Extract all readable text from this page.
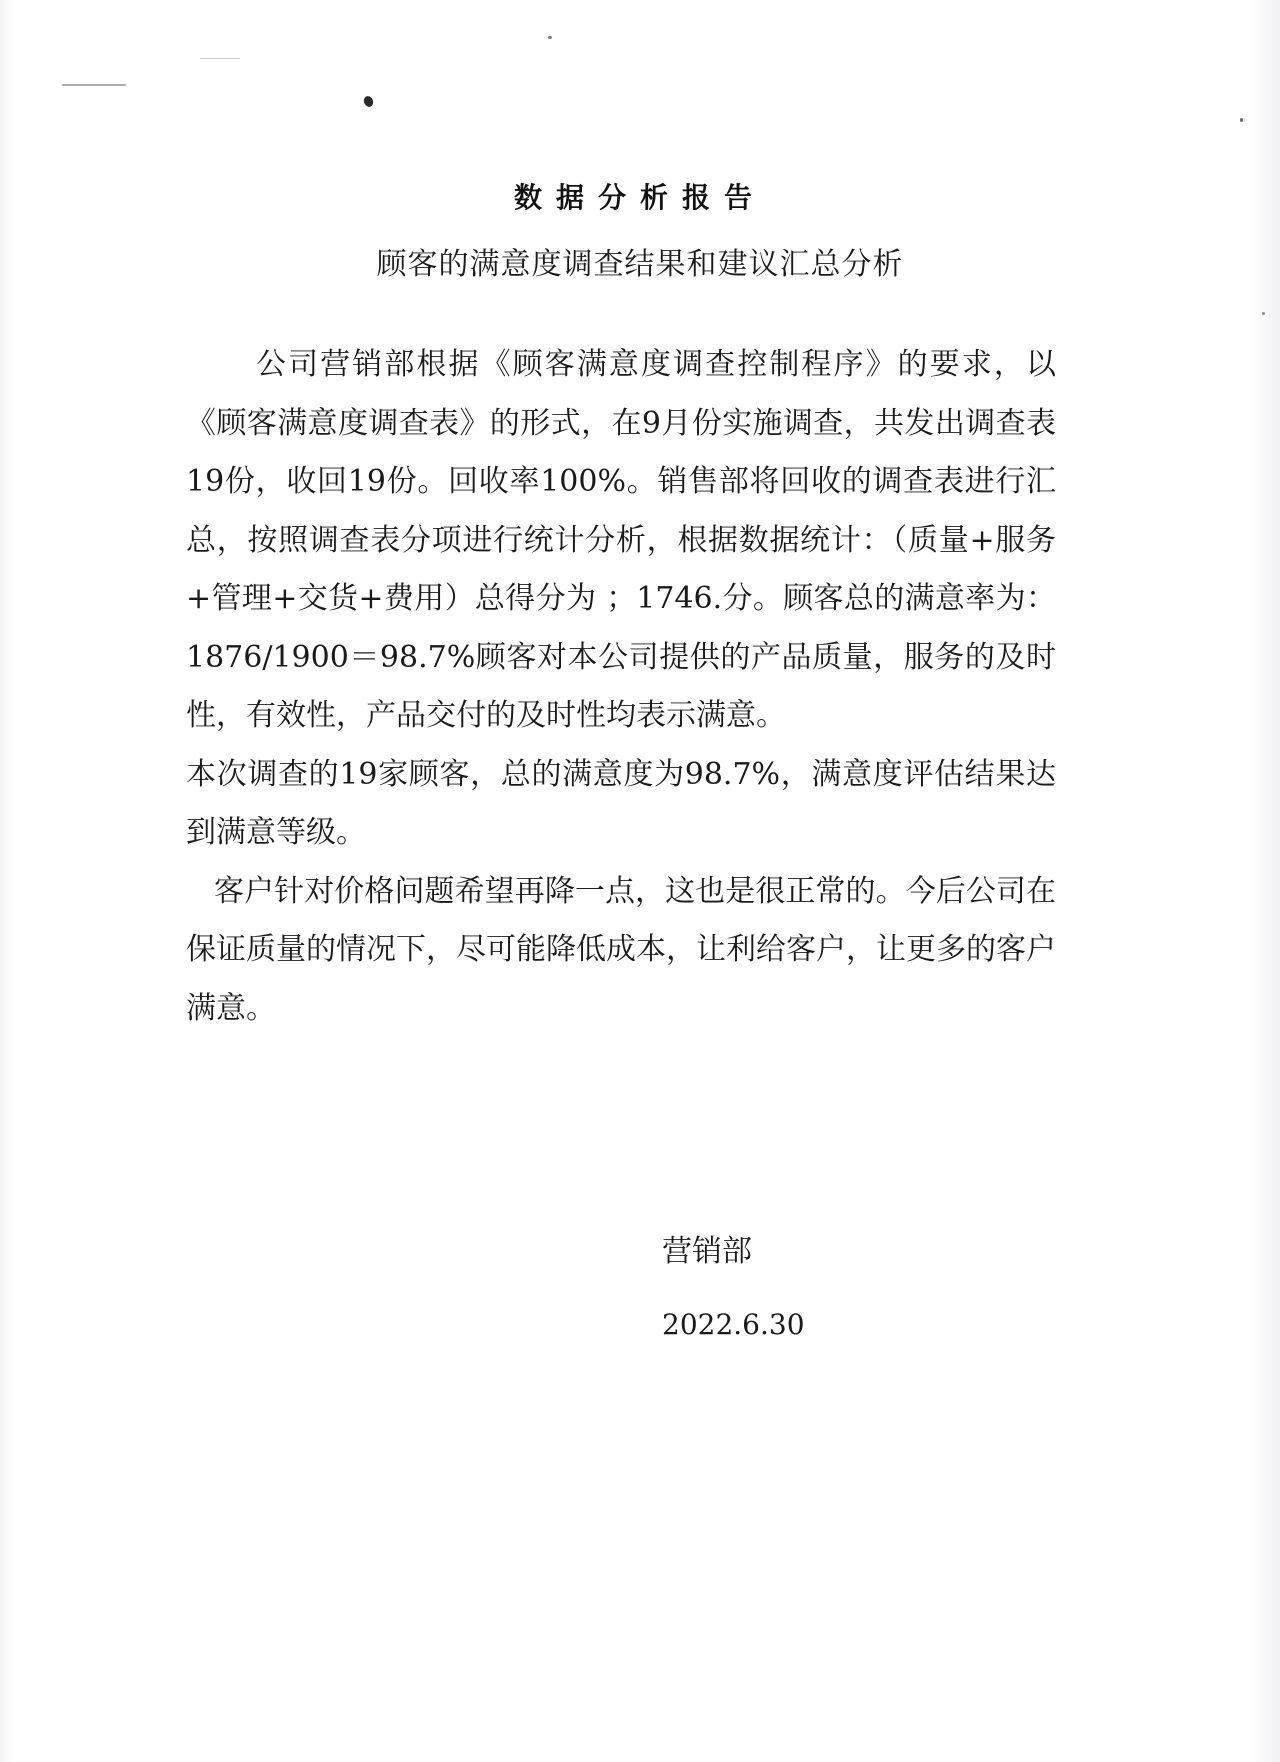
数据分析报告
顾客的满意度调查结果和建议汇总分析

公司营销部根据《顾客满意度调查控制程序》的要求，以《顾客满意度调查表》的形式，在9月份实施调查，共发出调查表19份，收回19份。回收率100%。销售部将回收的调查表进行汇总，按照调查表分项进行统计分析，根据数据统计：（质量+服务+管理+交货+费用）总得分为 ；1746.分。顾客总的满意率为：1876/1900＝98.7%顾客对本公司提供的产品质量，服务的及时性，有效性，产品交付的及时性均表示满意。

本次调查的19家顾客，总的满意度为98.7%，满意度评估结果达到满意等级。

客户针对价格问题希望再降一点，这也是很正常的。今后公司在保证质量的情况下，尽可能降低成本，让利给客户，让更多的客户满意。

营销部
2022.6.30
